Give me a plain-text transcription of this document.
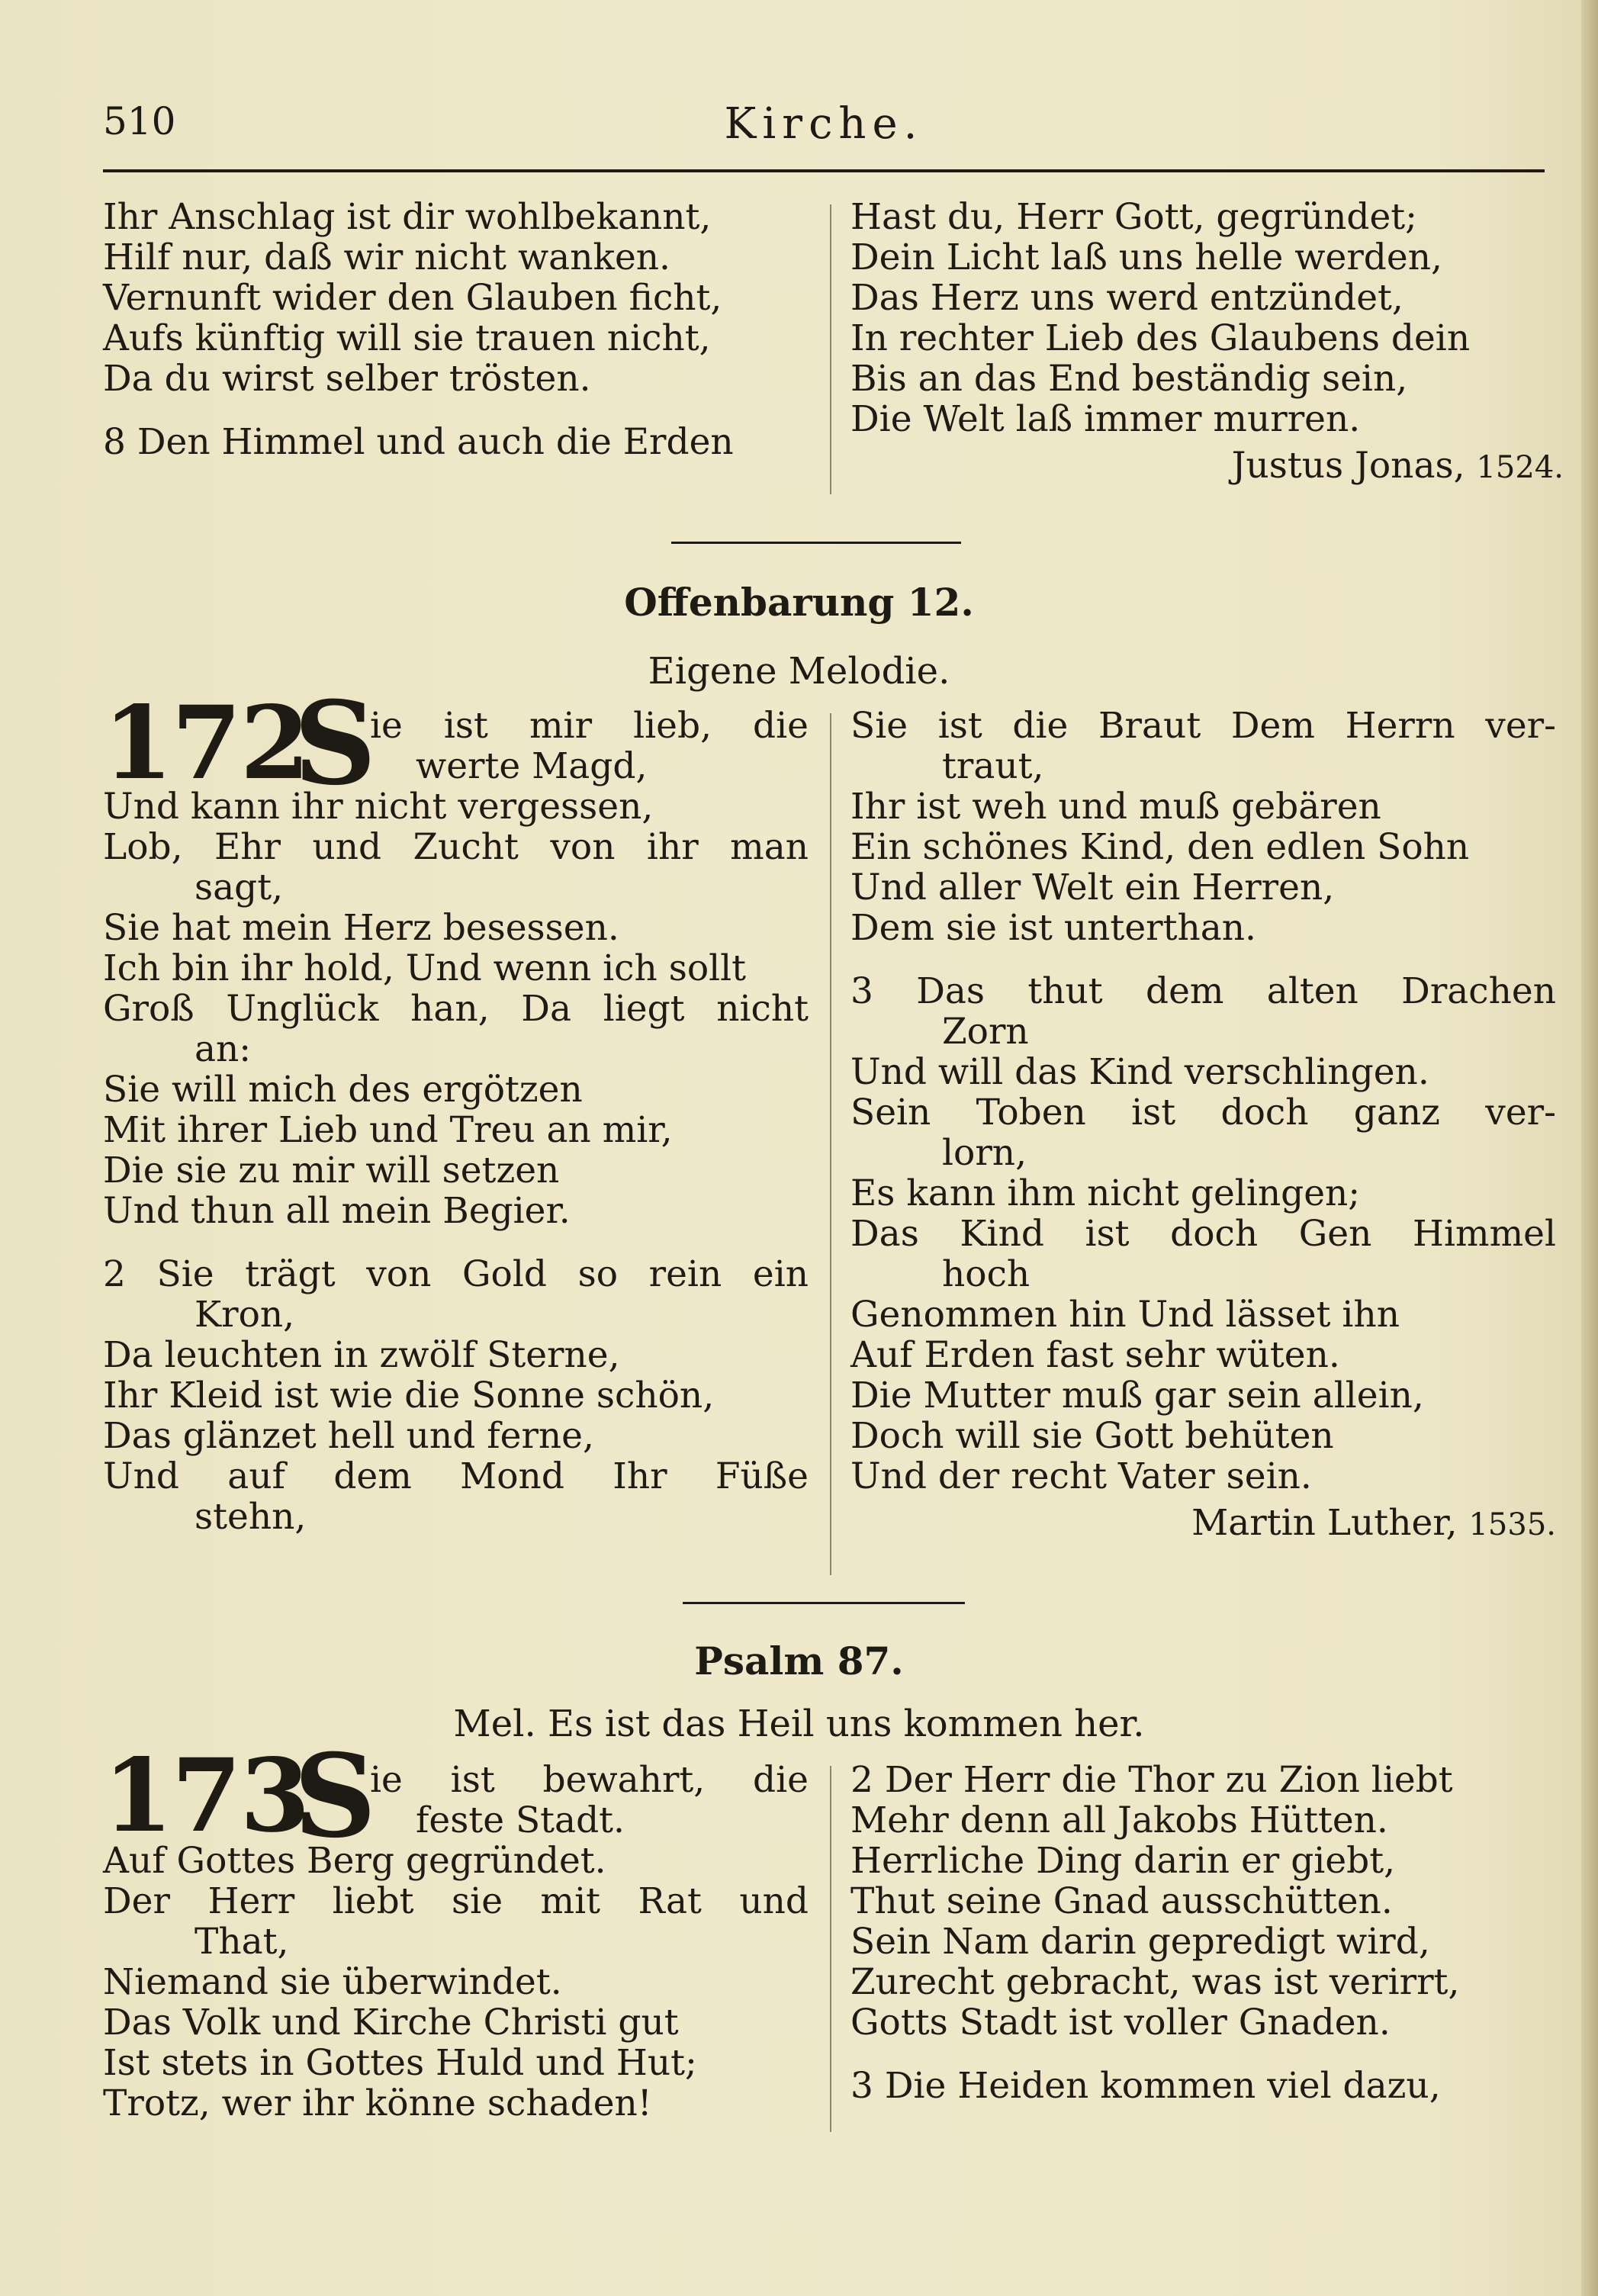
510	Kirche.
Ihr Anschlag ist dir wohlbekannt,
Hilf nur, daß wir nicht wanken.
Vernunft wider den Glauben ficht,
Aufs künftig will sie trauen nicht,
Da du wirst selber trösten.
8 Den Himmel und auch die Erden
Hast du, Herr Gott, gegründet;
Dein Licht laß uns helle werden,
Das Herz uns werd entzündet,
In rechter Lieb des Glaubens dein
Bis an das End beständig sein,
Die Welt laß immer murren.
Justus Jonas, 1524.
Offenbarung 12.
Eigene Melodie.
172
S
ie ist mir lieb, die
werte Magd,
Und kann ihr nicht vergessen,
Lob, Ehr und Zucht von ihr man
sagt,
Sie hat mein Herz besessen.
Ich bin ihr hold, Und wenn ich sollt
Groß Unglück han, Da liegt nicht
an:
Sie will mich des ergötzen
Mit ihrer Lieb und Treu an mir,
Die sie zu mir will setzen
Und thun all mein Begier.
2 Sie trägt von Gold so rein ein
Kron,
Da leuchten in zwölf Sterne,
Ihr Kleid ist wie die Sonne schön,
Das glänzet hell und ferne,
Und auf dem Mond Ihr Füße
stehn,
Sie ist die Braut Dem Herrn ver-
traut,
Ihr ist weh und muß gebären
Ein schönes Kind, den edlen Sohn
Und aller Welt ein Herren,
Dem sie ist unterthan.
3 Das thut dem alten Drachen
Zorn
Und will das Kind verschlingen.
Sein Toben ist doch ganz ver-
lorn,
Es kann ihm nicht gelingen;
Das Kind ist doch Gen Himmel
hoch
Genommen hin Und lässet ihn
Auf Erden fast sehr wüten.
Die Mutter muß gar sein allein,
Doch will sie Gott behüten
Und der recht Vater sein.
Martin Luther, 1535.
Psalm 87.
Mel. Es ist das Heil uns kommen her.
173
S
ie ist bewahrt, die
feste Stadt.
Auf Gottes Berg gegründet.
Der Herr liebt sie mit Rat und
That,
Niemand sie überwindet.
Das Volk und Kirche Christi gut
Ist stets in Gottes Huld und Hut;
Trotz, wer ihr könne schaden!
2 Der Herr die Thor zu Zion liebt
Mehr denn all Jakobs Hütten.
Herrliche Ding darin er giebt,
Thut seine Gnad ausschütten.
Sein Nam darin gepredigt wird,
Zurecht gebracht, was ist verirrt,
Gotts Stadt ist voller Gnaden.
3 Die Heiden kommen viel dazu,
